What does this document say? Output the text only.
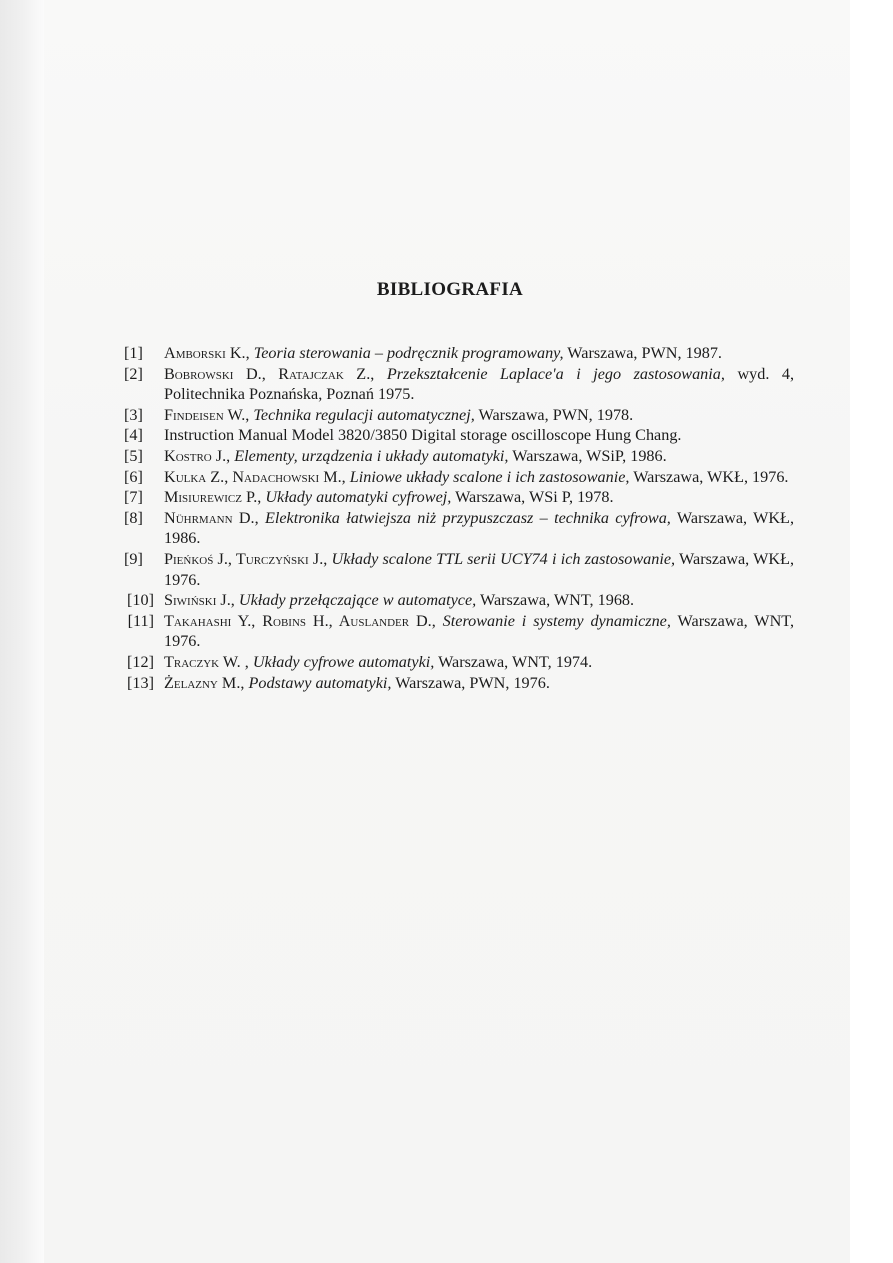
BIBLIOGRAFIA
[1]	Amborski K., Teoria sterowania – podręcznik programowany, Warszawa, PWN, 1987.
[2]	Bobrowski D., Ratajczak Z., Przekształcenie Laplace'a i jego zastosowania, wyd. 4, Politechnika Poznańska, Poznań 1975.
[3]	Findeisen W., Technika regulacji automatycznej, Warszawa, PWN, 1978.
[4]	Instruction Manual Model 3820/3850 Digital storage oscilloscope Hung Chang.
[5]	Kostro J., Elementy, urządzenia i układy automatyki, Warszawa, WSiP, 1986.
[6]	Kulka Z., Nadachowski M., Liniowe układy scalone i ich zastosowanie, Warszawa, WKŁ, 1976.
[7]	Misiurewicz P., Układy automatyki cyfrowej, Warszawa, WSi P, 1978.
[8]	Nührmann D., Elektronika łatwiejsza niż przypuszczasz – technika cyfrowa, Warszawa, WKŁ, 1986.
[9]	Pieńkoś J., Turczyński J., Układy scalone TTL serii UCY74 i ich zastosowanie, Warszawa, WKŁ, 1976.
[10] Siwiński J., Układy przełączające w automatyce, Warszawa, WNT, 1968.
[11] Takahashi Y., Robins H., Auslander D., Sterowanie i systemy dynamiczne, Warszawa, WNT, 1976.
[12] Traczyk W. , Układy cyfrowe automatyki, Warszawa, WNT, 1974.
[13] Żelazny M., Podstawy automatyki, Warszawa, PWN, 1976.
